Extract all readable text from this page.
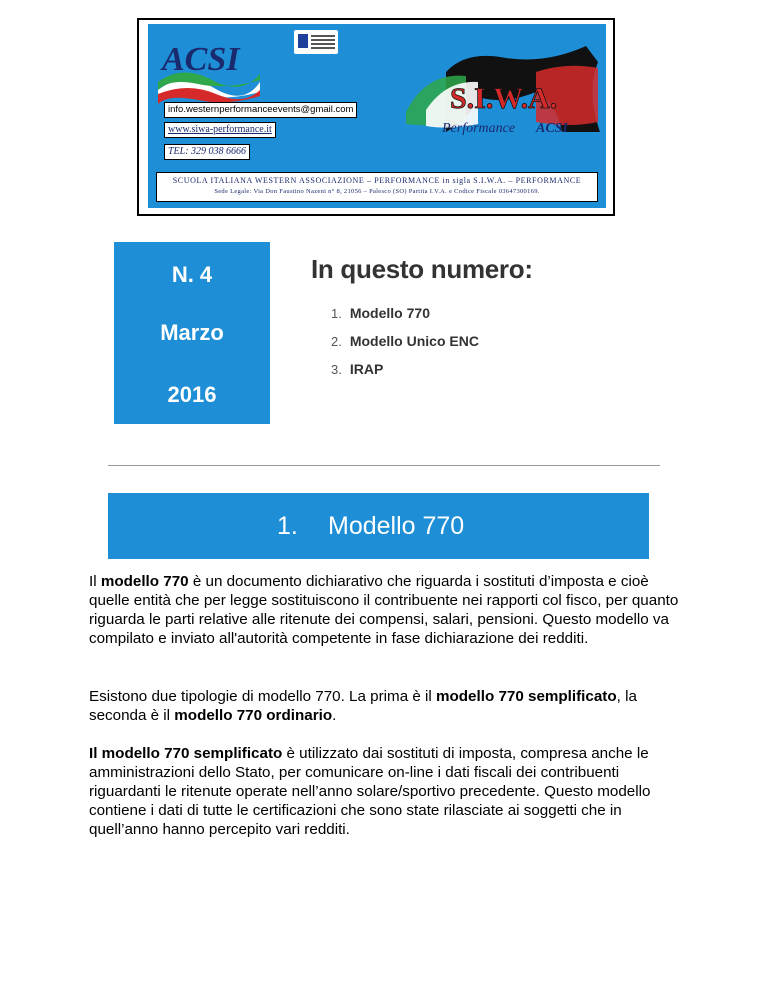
ACSI
S.I.W.A.
Performance ACSI
info.westernperformanceevents@gmail.com
www.siwa-performance.it
TEL: 329 038 6666
SCUOLA ITALIANA WESTERN ASSOCIAZIONE – PERFORMANCE in sigla S.I.W.A. – PERFORMANCE
Sede Legale: Via Don Faustino Nazeni n° 8, 21056 – Palesco (SO) Partita I.V.A. e Codice Fiscale 03647300169.
N. 4
Marzo
2016
In questo numero:
1. Modello 770
2. Modello Unico ENC
3. IRAP
1. Modello 770
Il modello 770 è un documento dichiarativo che riguarda i sostituti d’imposta e cioè quelle entità che per legge sostituiscono il contribuente nei rapporti col fisco, per quanto riguarda le parti relative alle ritenute dei compensi, salari, pensioni. Questo modello va compilato e inviato all'autorità competente in fase dichiarazione dei redditi.
Esistono due tipologie di modello 770. La prima è il modello 770 semplificato, la seconda è il modello 770 ordinario.
Il modello 770 semplificato è utilizzato dai sostituti di imposta, compresa anche le amministrazioni dello Stato, per comunicare on-line i dati fiscali dei contribuenti riguardanti le ritenute operate nell’anno solare/sportivo precedente. Questo modello contiene i dati di tutte le certificazioni che sono state rilasciate ai soggetti che in quell’anno hanno percepito vari redditi.
